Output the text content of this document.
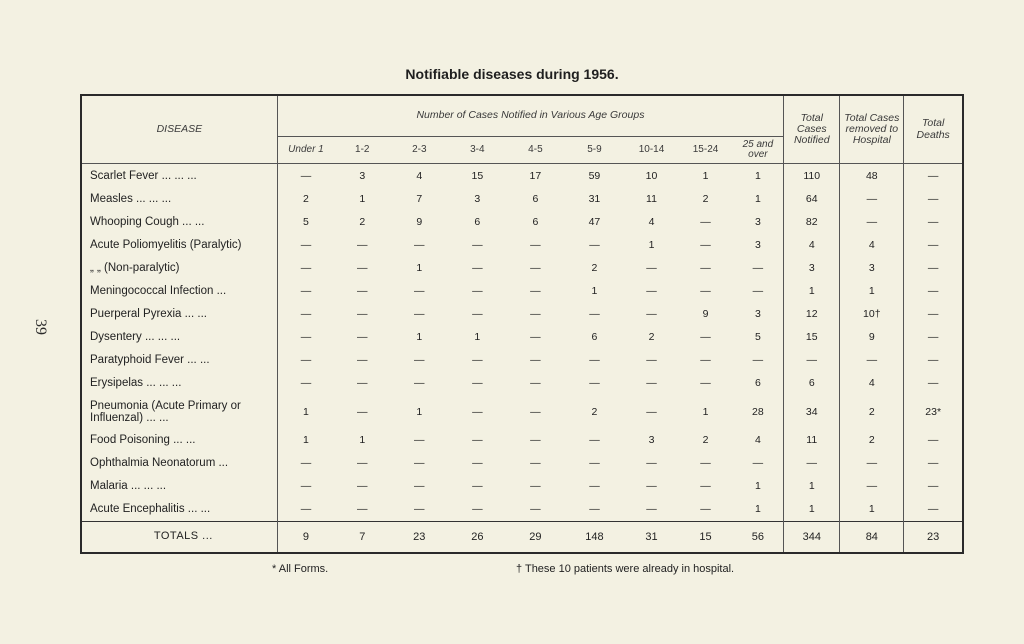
39
Notifiable diseases during 1956.
DISEASE	Number of Cases Notified in Various Age Groups									Total Cases Notified	Total Cases removed to Hospital	Total Deaths
	Under 1	1-2	2-3	3-4	4-5	5-9	10-14	15-24	25 and over			
Scarlet Fever ... ... ...	—	3	4	15	17	59	10	1	1	110	48	—
Measles ... ... ...	2	1	7	3	6	31	11	2	1	64	—	—
Whooping Cough ... ...	5	2	9	6	6	47	4	—	3	82	—	—
Acute Poliomyelitis (Paralytic)	—	—	—	—	—	—	1	—	3	4	4	—
„ „ (Non-paralytic)	—	—	1	—	—	2	—	—	—	3	3	—
Meningococcal Infection ...	—	—	—	—	—	1	—	—	—	1	1	—
Puerperal Pyrexia ... ...	—	—	—	—	—	—	—	9	3	12	10†	—
Dysentery ... ... ...	—	—	1	1	—	6	2	—	5	15	9	—
Paratyphoid Fever ... ...	—	—	—	—	—	—	—	—	—	—	—	—
Erysipelas ... ... ...	—	—	—	—	—	—	—	—	6	6	4	—
Pneumonia (Acute Primary or Influenzal) ... ...	1	—	1	—	—	2	—	1	28	34	2	23*
Food Poisoning ... ...	1	1	—	—	—	—	3	2	4	11	2	—
Ophthalmia Neonatorum ...	—	—	—	—	—	—	—	—	—	—	—	—
Malaria ... ... ...	—	—	—	—	—	—	—	—	1	1	—	—
Acute Encephalitis ... ...	—	—	—	—	—	—	—	—	1	1	1	—
TOTALS ...	9	7	23	26	29	148	31	15	56	344	84	23
* All Forms.	† These 10 patients were already in hospital.
